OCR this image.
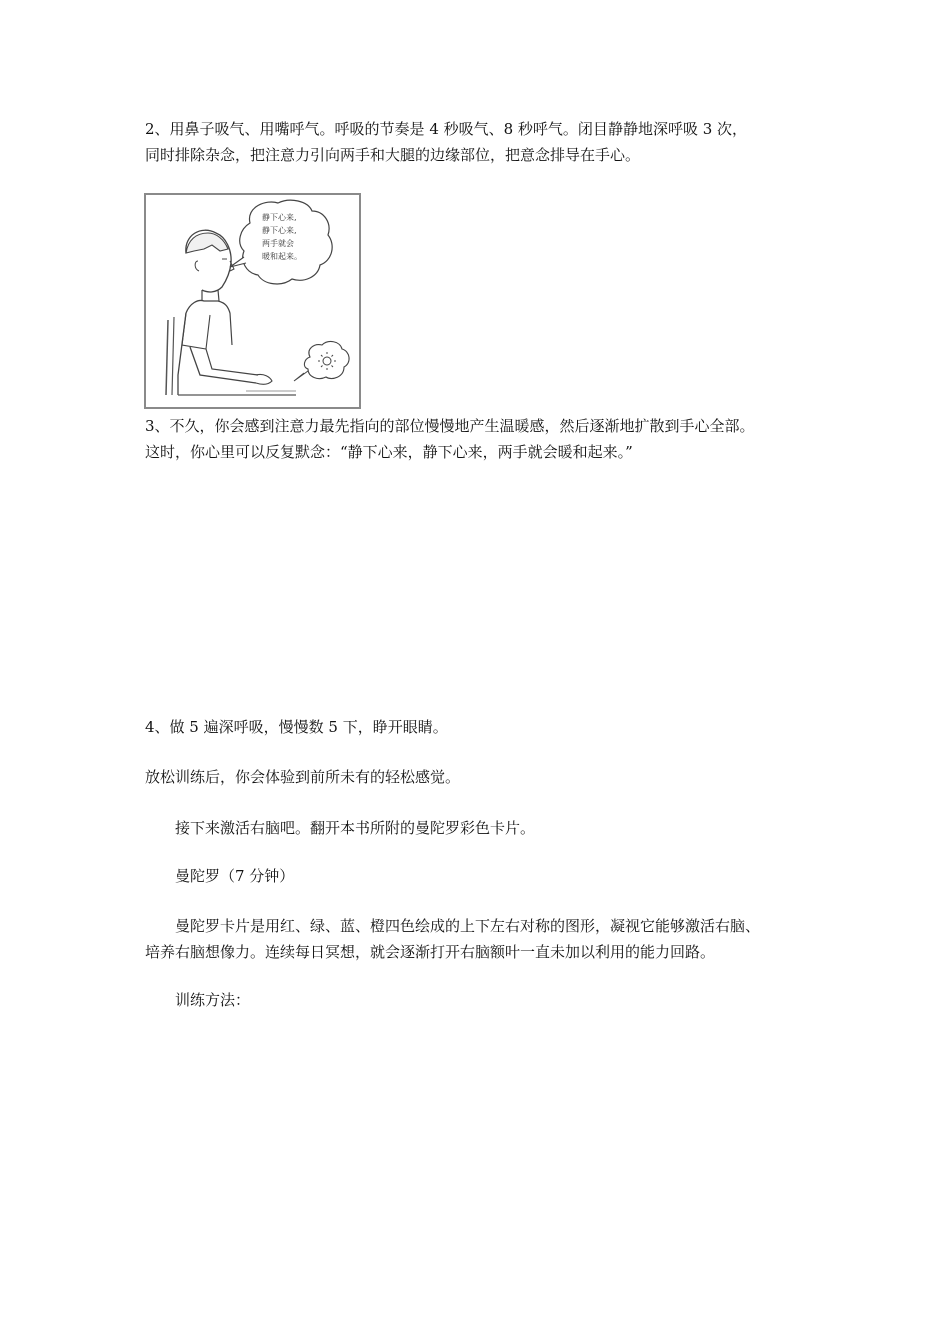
2、用鼻子吸气、用嘴呼气。呼吸的节奏是 4 秒吸气、8 秒呼气。闭目静静地深呼吸 3 次，
同时排除杂念，把注意力引向两手和大腿的边缘部位，把意念排导在手心。
静下心来,
静下心来,
两手就会
暖和起来。
3、不久，你会感到注意力最先指向的部位慢慢地产生温暖感，然后逐渐地扩散到手心全部。
这时，你心里可以反复默念：“静下心来，静下心来，两手就会暖和起来。”

4、做 5 遍深呼吸，慢慢数 5 下，睁开眼睛。

放松训练后，你会体验到前所未有的轻松感觉。

接下来激活右脑吧。翻开本书所附的曼陀罗彩色卡片。

曼陀罗（7 分钟）

曼陀罗卡片是用红、绿、蓝、橙四色绘成的上下左右对称的图形，凝视它能够激活右脑、
培养右脑想像力。连续每日冥想，就会逐渐打开右脑额叶一直未加以利用的能力回路。

训练方法：
